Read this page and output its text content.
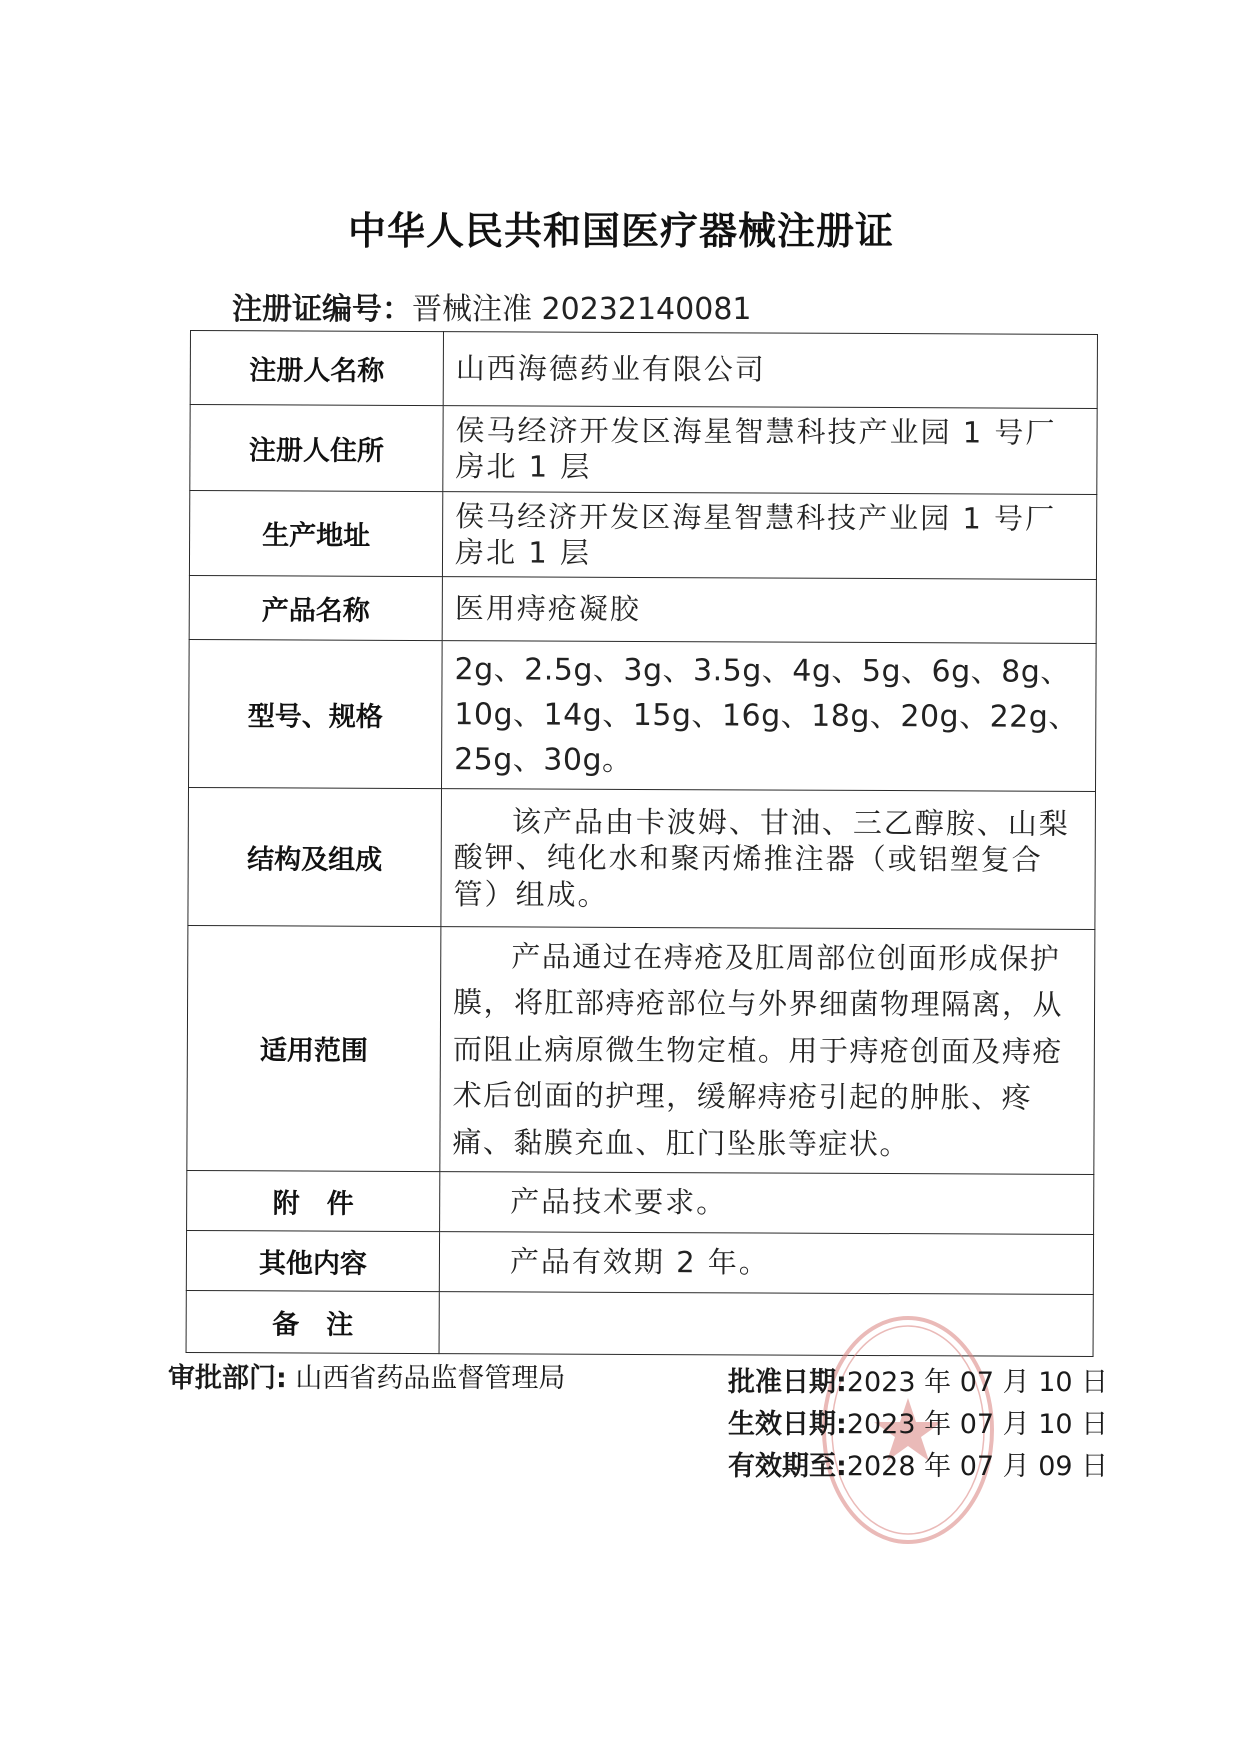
中华人民共和国医疗器械注册证
注册证编号：晋械注准 20232140081
注册人名称	山西海德药业有限公司
注册人住所	侯马经济开发区海星智慧科技产业园 1 号厂房北 1 层
生产地址	侯马经济开发区海星智慧科技产业园 1 号厂房北 1 层
产品名称	医用痔疮凝胶
型号、规格	2g、2.5g、3g、3.5g、4g、5g、6g、8g、10g、14g、15g、16g、18g、20g、22g、25g、30g。
结构及组成	该产品由卡波姆、甘油、三乙醇胺、山梨酸钾、纯化水和聚丙烯推注器（或铝塑复合管）组成。
适用范围	产品通过在痔疮及肛周部位创面形成保护膜，将肛部痔疮部位与外界细菌物理隔离，从而阻止病原微生物定植。用于痔疮创面及痔疮术后创面的护理，缓解痔疮引起的肿胀、疼痛、黏膜充血、肛门坠胀等症状。
附　件	产品技术要求。
其他内容	产品有效期 2 年。
备　注	
审批部门: 山西省药品监督管理局	批准日期:2023 年 07 月 10 日
生效日期:2023 年 07 月 10 日
有效期至:2028 年 07 月 09 日
